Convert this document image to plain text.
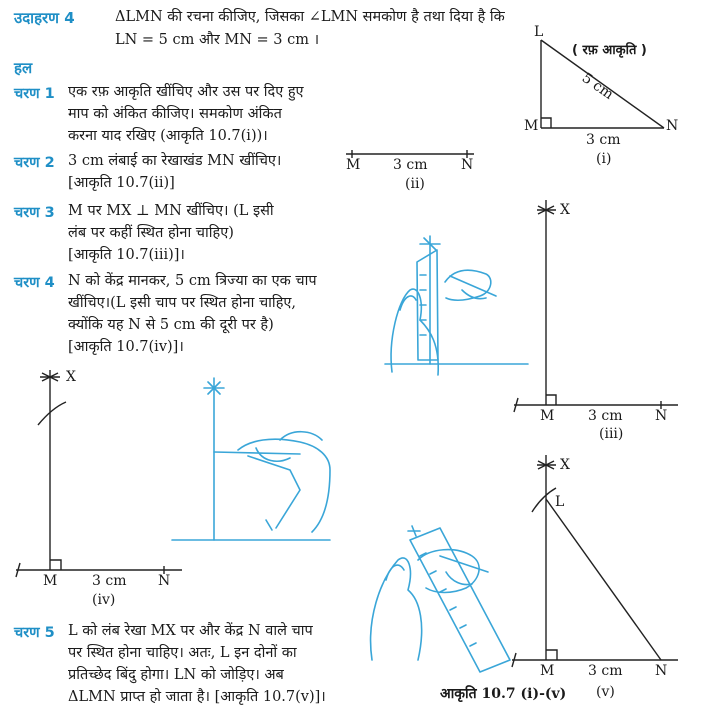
उदाहरण 4	ΔLMN की रचना कीजिए, जिसका ∠LMN समकोण है तथा दिया है कि
LN = 5 cm और MN = 3 cm ।
हल
चरण 1 एक रफ़ आकृति खींचिए और उस पर दिए हुए
माप को अंकित कीजिए। समकोण अंकित
करना याद रखिए (आकृति 10.7(i))।
चरण 2 3 cm लंबाई का रेखाखंड MN खींचिए।
[आकृति 10.7(ii)]
चरण 3 M पर MX ⊥ MN खींचिए। (L इसी
लंब पर कहीं स्थित होना चाहिए)
[आकृति 10.7(iii)]।
चरण 4 N को केंद्र मानकर, 5 cm त्रिज्या का एक चाप
खींचिए।(L इसी चाप पर स्थित होना चाहिए,
क्योंकि यह N से 5 cm की दूरी पर है)
[आकृति 10.7(iv)]।
चरण 5 L को लंब रेखा MX पर और केंद्र N वाले चाप
पर स्थित होना चाहिए। अतः, L इन दोनों का
प्रतिच्छेद बिंदु होगा। LN को जोड़िए। अब
ΔLMN प्राप्त हो जाता है। [आकृति 10.7(v)]।
( रफ़ आकृति )
L
M	N
5 cm
3 cm
(i)
M 3 cm N
(ii)
X
M 3 cm N
(iii)
X
M 3 cm N
(iv)
X
L
M 3 cm N
(v)
आकृति 10.7 (i)-(v)
